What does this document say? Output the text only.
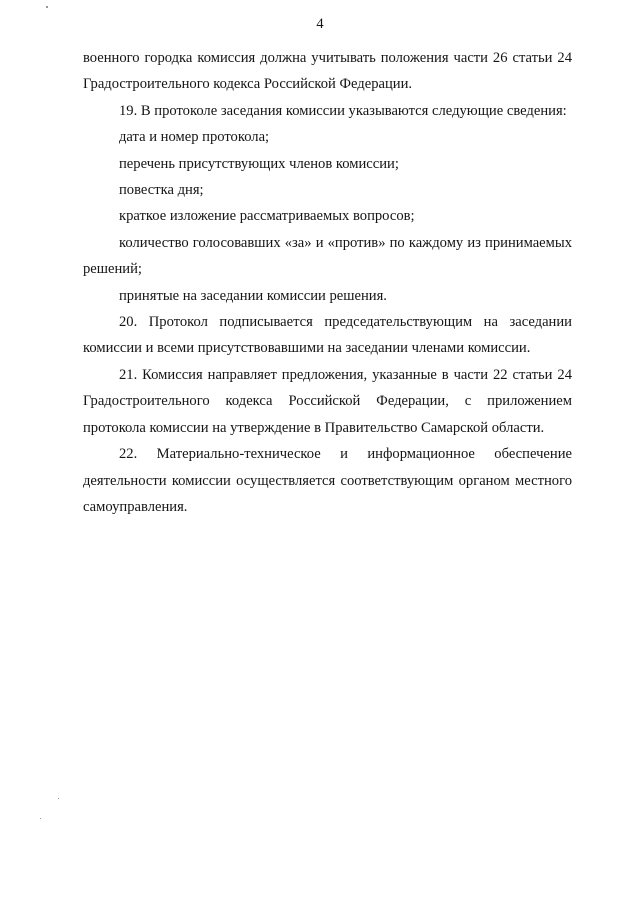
4

военного городка комиссия должна учитывать положения части 26 статьи 24 Градостроительного кодекса Российской Федерации.

19. В протоколе заседания комиссии указываются следующие сведения:

дата и номер протокола;

перечень присутствующих членов комиссии;

повестка дня;

краткое изложение рассматриваемых вопросов;

количество голосовавших «за» и «против» по каждому из принимаемых решений;

принятые на заседании комиссии решения.

20. Протокол подписывается председательствующим на заседании комиссии и всеми присутствовавшими на заседании членами комиссии.

21. Комиссия направляет предложения, указанные в части 22 статьи 24 Градостроительного кодекса Российской Федерации, с приложением протокола комиссии на утверждение в Правительство Самарской области.

22. Материально-техническое и информационное обеспечение деятельности комиссии осуществляется соответствующим органом местного самоуправления.
